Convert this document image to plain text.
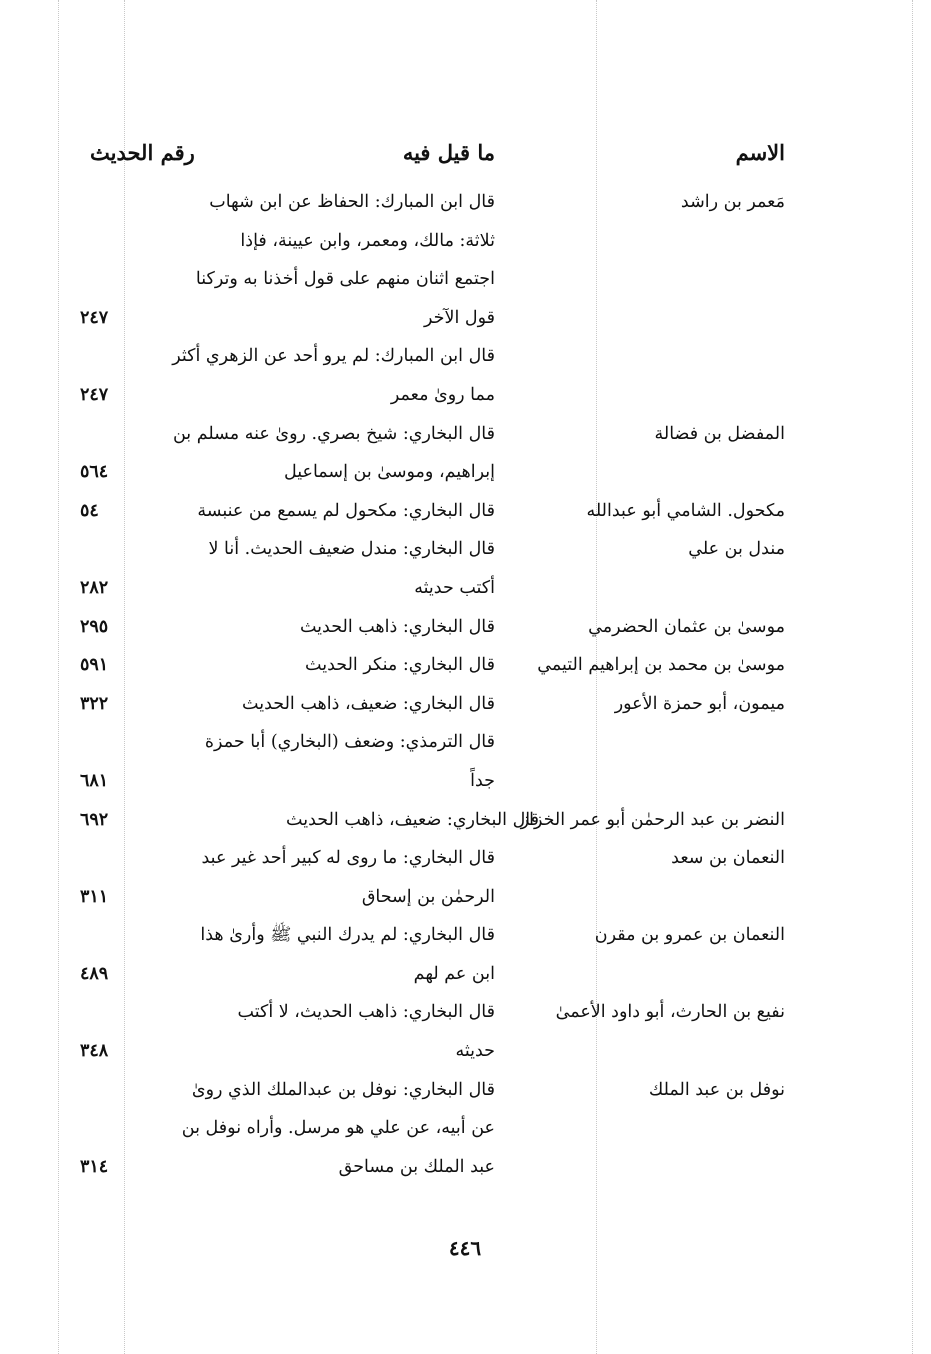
الاسم
ما قيل فيه
رقم الحديث
مَعمر بن راشد
قال ابن المبارك: الحفاظ عن ابن شهاب
ثلاثة: مالك، ومعمر، وابن عيينة، فإذا
اجتمع اثنان منهم على قول أخذنا به وتركنا
قول الآخر
٢٤٧
قال ابن المبارك: لم يرو أحد عن الزهري أكثر
مما روىٰ معمر
٢٤٧
المفضل بن فضالة
قال البخاري: شيخ بصري. روىٰ عنه مسلم بن
إبراهيم، وموسىٰ بن إسماعيل
٥٦٤
مكحول. الشامي أبو عبدالله
قال البخاري: مكحول لم يسمع من عنبسة
٥٤
مندل بن علي
قال البخاري: مندل ضعيف الحديث. أنا لا
أكتب حديثه
٢٨٢
موسىٰ بن عثمان الحضرمي
قال البخاري: ذاهب الحديث
٢٩٥
موسىٰ بن محمد بن إبراهيم التيمي
قال البخاري: منكر الحديث
٥٩١
ميمون، أبو حمزة الأعور
قال البخاري: ضعيف، ذاهب الحديث
٣٢٢
قال الترمذي: وضعف (البخاري) أبا حمزة
جداً
٦٨١
النضر بن عبد الرحمٰن أبو عمر الخزاز
قال البخاري: ضعيف، ذاهب الحديث
٦٩٢
النعمان بن سعد
قال البخاري: ما روى له كبير أحد غير عبد
الرحمٰن بن إسحاق
٣١١
النعمان بن عمرو بن مقرن
قال البخاري: لم يدرك النبي ﷺ وأرىٰ هذا
ابن عم لهم
٤٨٩
نفيع بن الحارث، أبو داود الأعمىٰ
قال البخاري: ذاهب الحديث، لا أكتب
حديثه
٣٤٨
نوفل بن عبد الملك
قال البخاري: نوفل بن عبدالملك الذي روىٰ
عن أبيه، عن علي هو مرسل. وأراه نوفل بن
عبد الملك بن مساحق
٣١٤
٤٤٦
